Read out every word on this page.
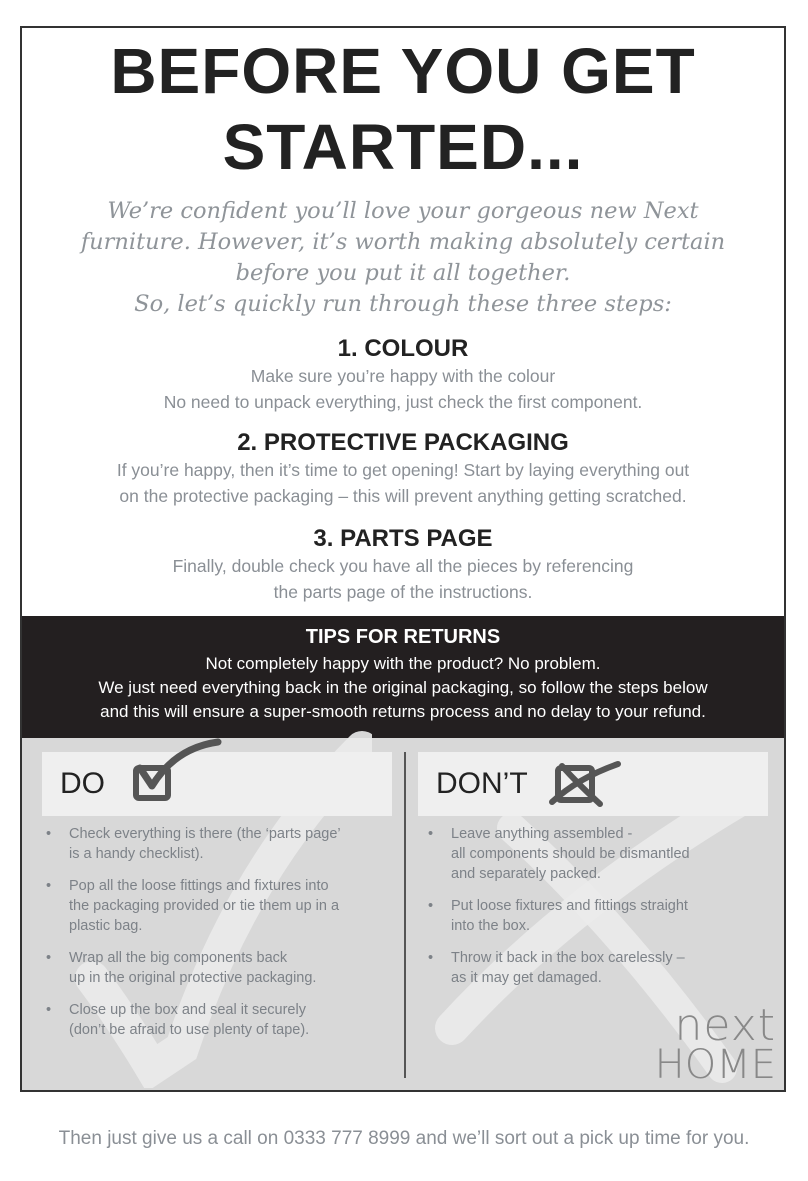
BEFORE YOU GET
STARTED...
We’re confident you’ll love your gorgeous new Next
furniture. However, it’s worth making absolutely certain
before you put it all together.
So, let’s quickly run through these three steps:
1. COLOUR
Make sure you’re happy with the colour
No need to unpack everything, just check the first component.
2. PROTECTIVE PACKAGING
If you’re happy, then it’s time to get opening! Start by laying everything out
on the protective packaging – this will prevent anything getting scratched.
3. PARTS PAGE
Finally, double check you have all the pieces by referencing
the parts page of the instructions.
TIPS FOR RETURNS
Not completely happy with the product? No problem.
We just need everything back in the original packaging, so follow the steps below
and this will ensure a super-smooth returns process and no delay to your refund.
DO
• Check everything is there (the ‘parts page’
is a handy checklist).
• Pop all the loose fittings and fixtures into
the packaging provided or tie them up in a
plastic bag.
• Wrap all the big components back
up in the original protective packaging.
• Close up the box and seal it securely
(don’t be afraid to use plenty of tape).
DON’T
• Leave anything assembled -
all components should be dismantled
and separately packed.
• Put loose fixtures and fittings straight
into the box.
• Throw it back in the box carelessly –
as it may get damaged.
next
HOME
Then just give us a call on 0333 777 8999 and we’ll sort out a pick up time for you.
